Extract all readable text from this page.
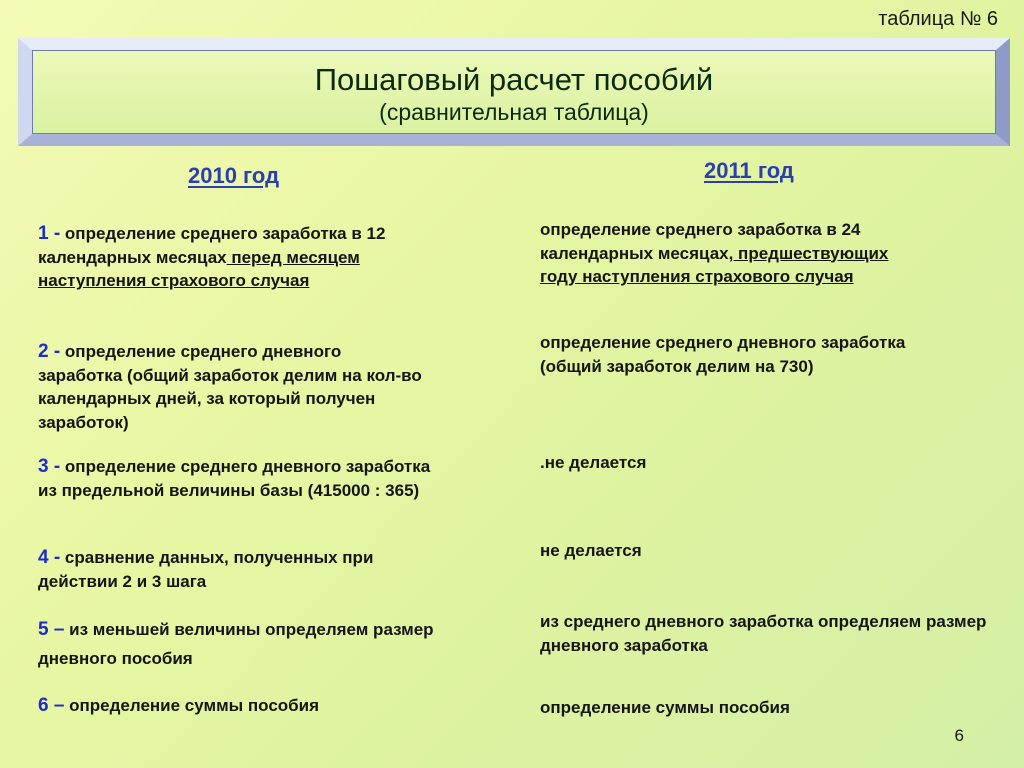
таблица № 6
Пошаговый расчет пособий
(сравнительная таблица)
2010 год	2011 год
1 - определение среднего заработка в 12 календарных месяцах перед месяцем наступления страхового случая
определение среднего заработка в 24 календарных месяцах, предшествующих году наступления страхового случая
2 - определение среднего дневного заработка (общий заработок делим на кол-во календарных дней, за который получен заработок)
определение среднего дневного заработка (общий заработок делим на 730)
3 - определение среднего дневного заработка из предельной величины базы (415000 : 365)
.не делается
4 - сравнение данных, полученных при действии 2 и 3 шага
не делается
5 – из меньшей величины определяем размер дневного пособия
из среднего дневного заработка определяем размер дневного заработка
6 – определение суммы пособия	определение суммы пособия
6
